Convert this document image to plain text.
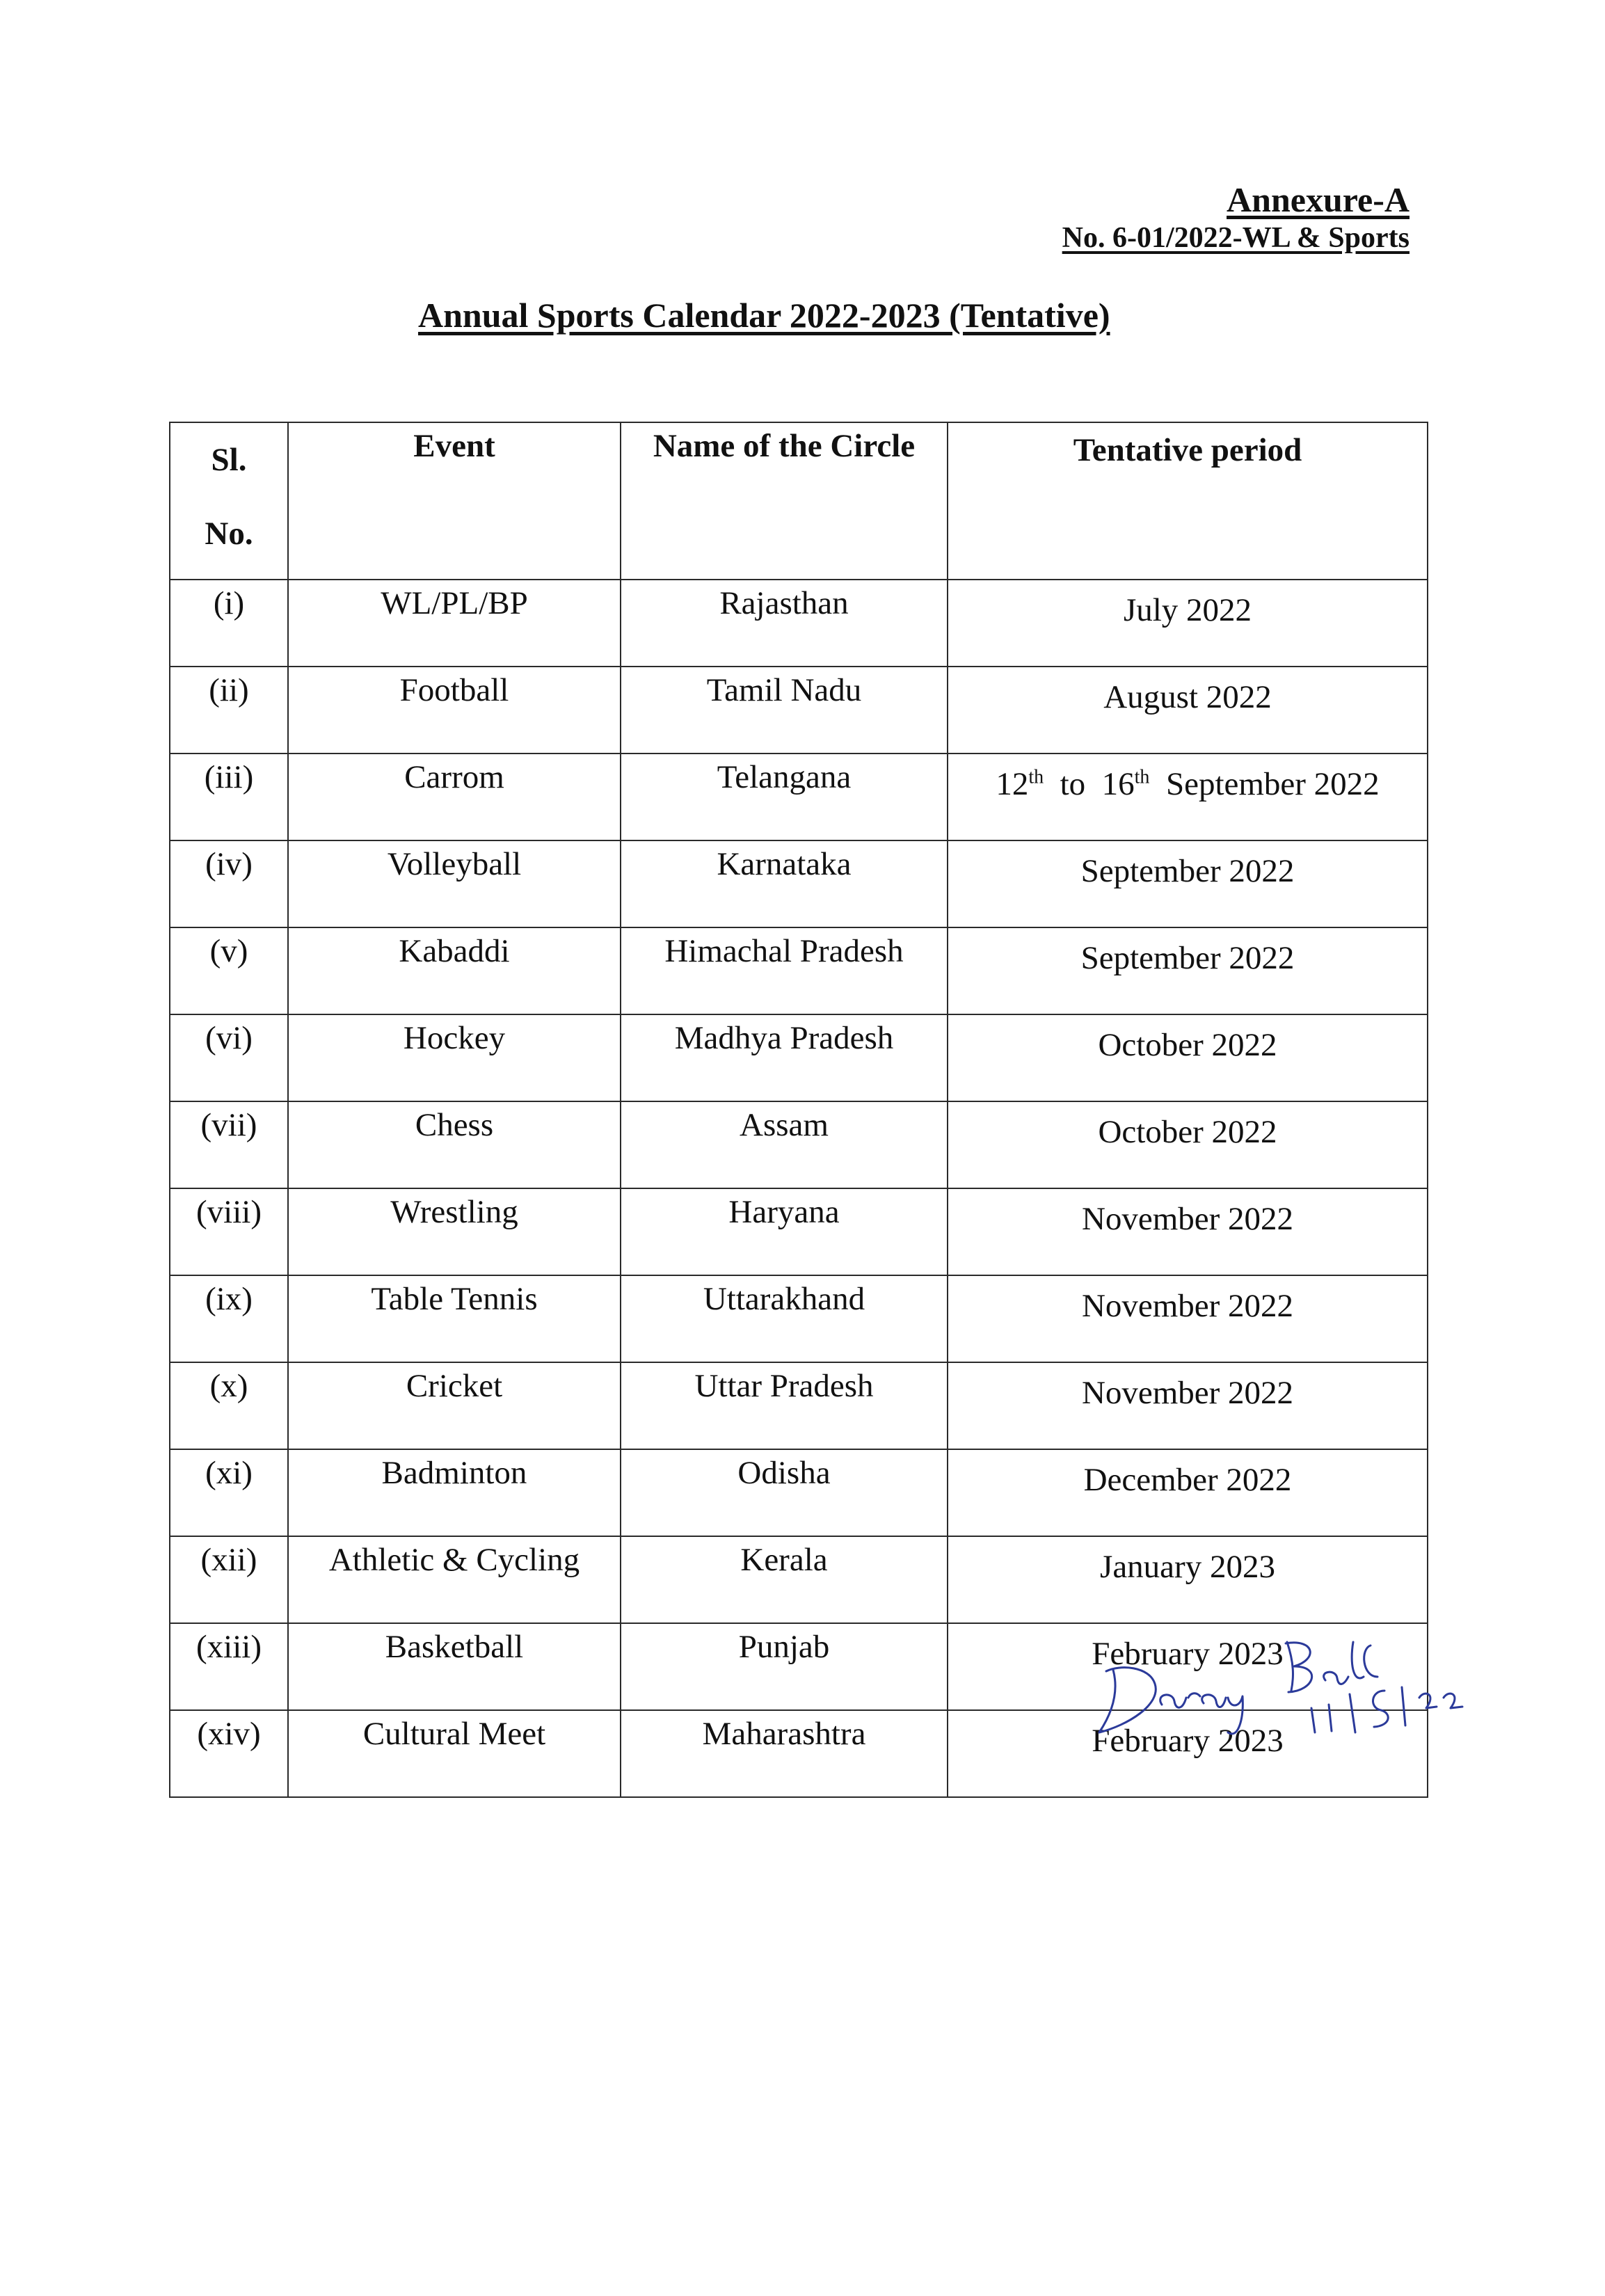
Annexure-A
No. 6-01/2022-WL & Sports
Annual Sports Calendar 2022-2023 (Tentative)
Sl.
No.	Event	Name of the Circle	Tentative period
(i)	WL/PL/BP	Rajasthan	July 2022
(ii)	Football	Tamil Nadu	August 2022
(iii)	Carrom	Telangana	12th to 16th September 2022
(iv)	Volleyball	Karnataka	September 2022
(v)	Kabaddi	Himachal Pradesh	September 2022
(vi)	Hockey	Madhya Pradesh	October 2022
(vii)	Chess	Assam	October 2022
(viii)	Wrestling	Haryana	November 2022
(ix)	Table Tennis	Uttarakhand	November 2022
(x)	Cricket	Uttar Pradesh	November 2022
(xi)	Badminton	Odisha	December 2022
(xii)	Athletic & Cycling	Kerala	January 2023
(xiii)	Basketball	Punjab	February 2023
(xiv)	Cultural Meet	Maharashtra	February 2023
